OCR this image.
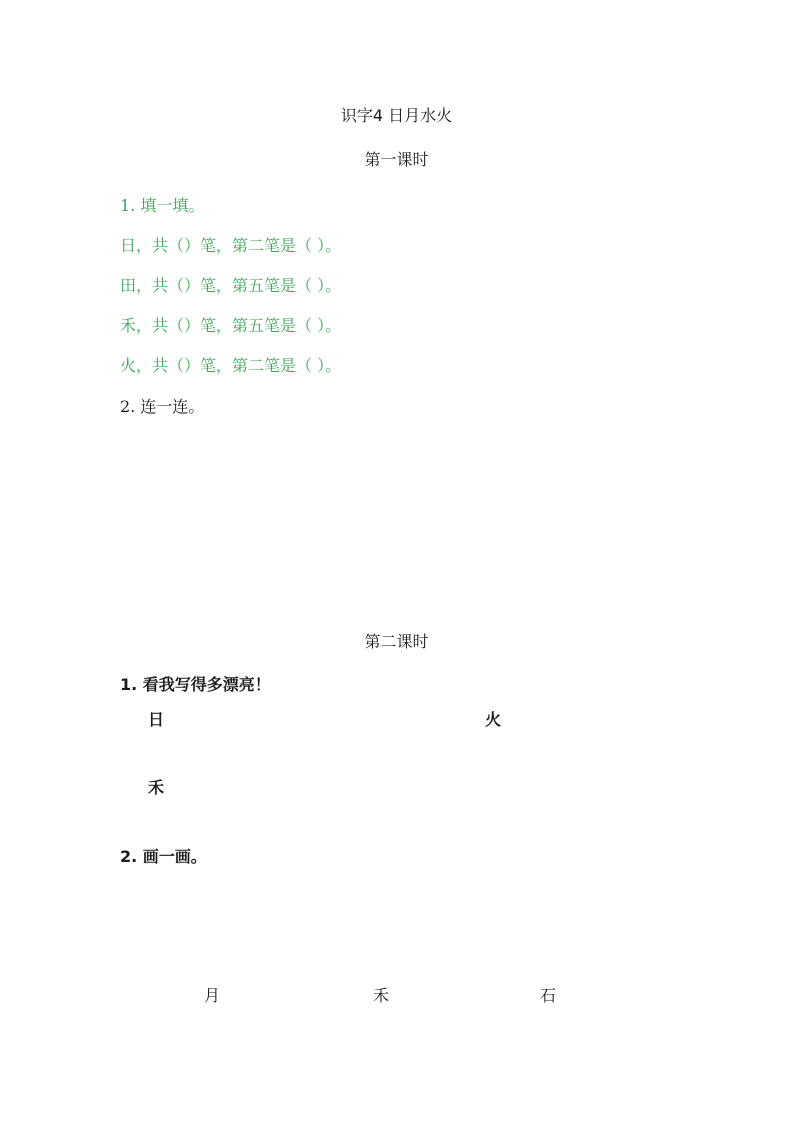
识字4 日月水火
第一课时
1. 填一填。
日，共（）笔，第二笔是（ ）。
田，共（）笔，第五笔是（ ）。
禾，共（）笔，第五笔是（ ）。
火，共（）笔，第二笔是（ ）。
2. 连一连。
第二课时
1. 看我写得多漂亮！
日	火
禾
2. 画一画。
月	禾	石
